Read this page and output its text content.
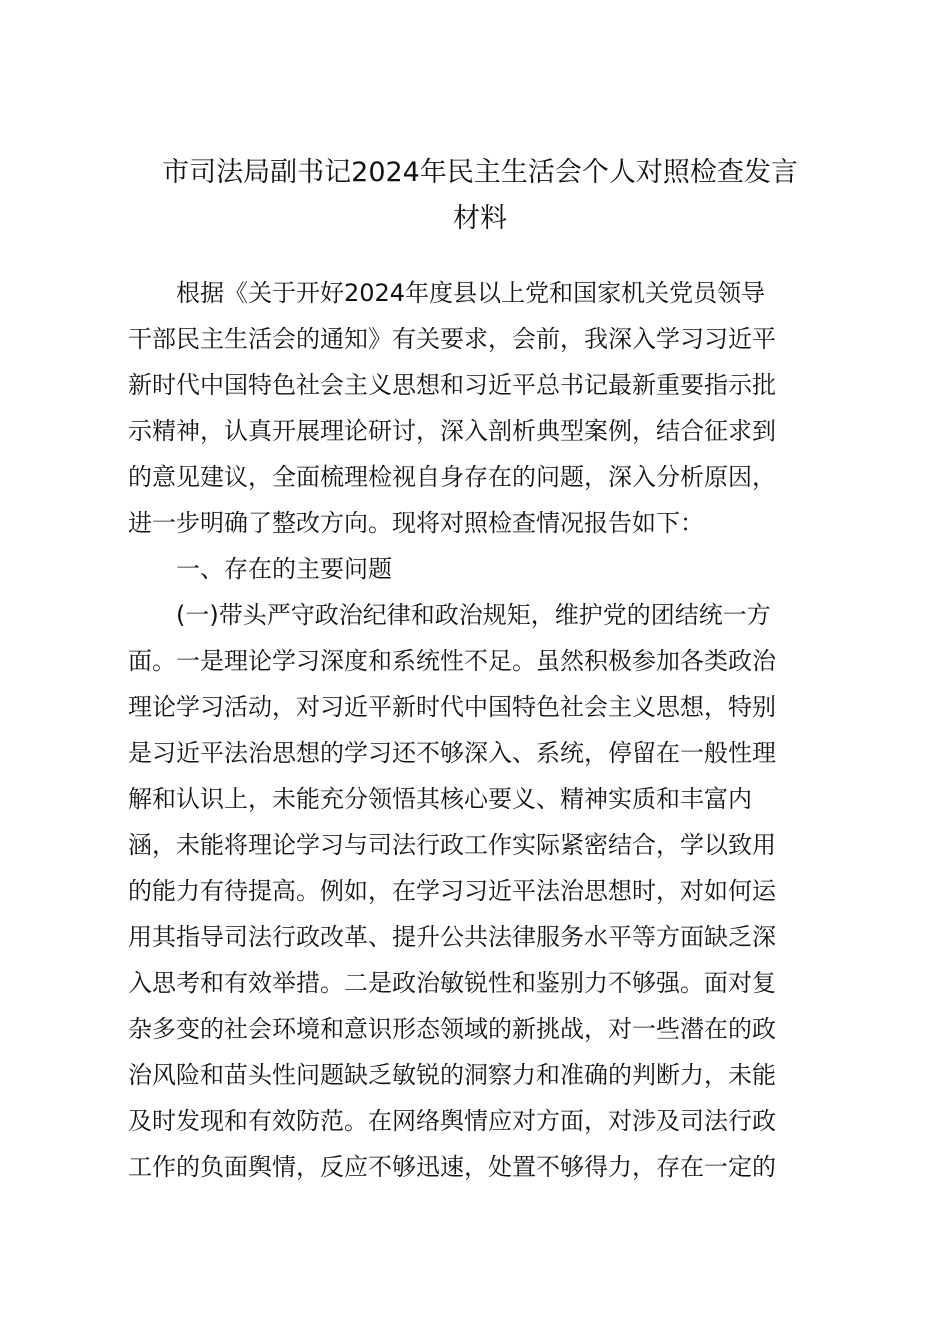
市司法局副书记2024年民主生活会个人对照检查发言
材料
根据《关于开好2024年度县以上党和国家机关党员领导
干部民主生活会的通知》有关要求，会前，我深入学习习近平
新时代中国特色社会主义思想和习近平总书记最新重要指示批
示精神，认真开展理论研讨，深入剖析典型案例，结合征求到
的意见建议，全面梳理检视自身存在的问题，深入分析原因，
进一步明确了整改方向。现将对照检查情况报告如下：
一、存在的主要问题
(一)带头严守政治纪律和政治规矩，维护党的团结统一方
面。一是理论学习深度和系统性不足。虽然积极参加各类政治
理论学习活动，对习近平新时代中国特色社会主义思想，特别
是习近平法治思想的学习还不够深入、系统，停留在一般性理
解和认识上，未能充分领悟其核心要义、精神实质和丰富内
涵，未能将理论学习与司法行政工作实际紧密结合，学以致用
的能力有待提高。例如，在学习习近平法治思想时，对如何运
用其指导司法行政改革、提升公共法律服务水平等方面缺乏深
入思考和有效举措。二是政治敏锐性和鉴别力不够强。面对复
杂多变的社会环境和意识形态领域的新挑战，对一些潜在的政
治风险和苗头性问题缺乏敏锐的洞察力和准确的判断力，未能
及时发现和有效防范。在网络舆情应对方面，对涉及司法行政
工作的负面舆情，反应不够迅速，处置不够得力，存在一定的
